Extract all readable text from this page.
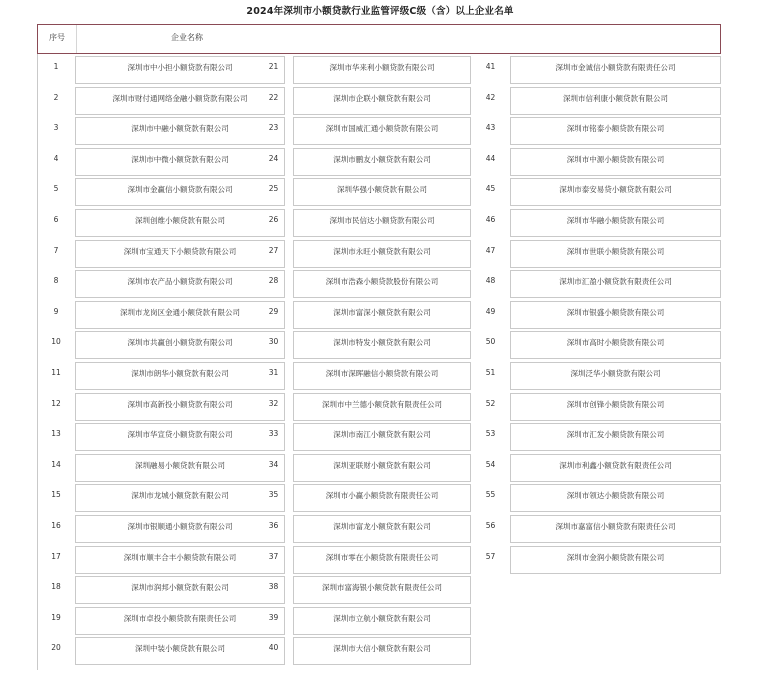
2024年深圳市小额贷款行业监管评级C级（含）以上企业名单
序号	企业名称
1	深圳市中小担小额贷款有限公司
2	深圳市财付通网络金融小额贷款有限公司
3	深圳市中融小额贷款有限公司
4	深圳市中微小额贷款有限公司
5	深圳市金赢信小额贷款有限公司
6	深圳创维小额贷款有限公司
7	深圳市宝通天下小额贷款有限公司
8	深圳市农产品小额贷款有限公司
9	深圳市龙岗区金通小额贷款有限公司
10	深圳市共赢创小额贷款有限公司
11	深圳市朗华小额贷款有限公司
12	深圳市高新投小额贷款有限公司
13	深圳市华宣贷小额贷款有限公司
14	深圳融易小额贷款有限公司
15	深圳市龙城小额贷款有限公司
16	深圳市银顺通小额贷款有限公司
17	深圳市顺丰合丰小额贷款有限公司
18	深圳市润邦小额贷款有限公司
19	深圳市卓投小额贷款有限责任公司
20	深圳中装小额贷款有限公司
21	深圳市华来利小额贷款有限公司
22	深圳市企联小额贷款有限公司
23	深圳市国威汇通小额贷款有限公司
24	深圳市鹏友小额贷款有限公司
25	深圳华强小额贷款有限公司
26	深圳市民信达小额贷款有限公司
27	深圳市永旺小额贷款有限公司
28	深圳市浩森小额贷款股份有限公司
29	深圳市富深小额贷款有限公司
30	深圳市特发小额贷款有限公司
31	深圳市深晖融信小额贷款有限公司
32	深圳市中兰德小额贷款有限责任公司
33	深圳市南江小额贷款有限公司
34	深圳亚联财小额贷款有限公司
35	深圳市小赢小额贷款有限责任公司
36	深圳市富龙小额贷款有限公司
37	深圳市零在小额贷款有限责任公司
38	深圳市富海银小额贷款有限责任公司
39	深圳市立航小额贷款有限公司
40	深圳市大信小额贷款有限公司
41	深圳市金诚信小额贷款有限责任公司
42	深圳市信利康小额贷款有限公司
43	深圳市铭泰小额贷款有限公司
44	深圳市中源小额贷款有限公司
45	深圳市泰安易贷小额贷款有限公司
46	深圳市华融小额贷款有限公司
47	深圳市世联小额贷款有限公司
48	深圳市汇盈小额贷款有限责任公司
49	深圳市银盛小额贷款有限公司
50	深圳市高时小额贷款有限公司
51	深圳泛华小额贷款有限公司
52	深圳市创锋小额贷款有限公司
53	深圳市汇发小额贷款有限公司
54	深圳市利鑫小额贷款有限责任公司
55	深圳市领达小额贷款有限公司
56	深圳市嘉富信小额贷款有限责任公司
57	深圳市金润小额贷款有限公司
